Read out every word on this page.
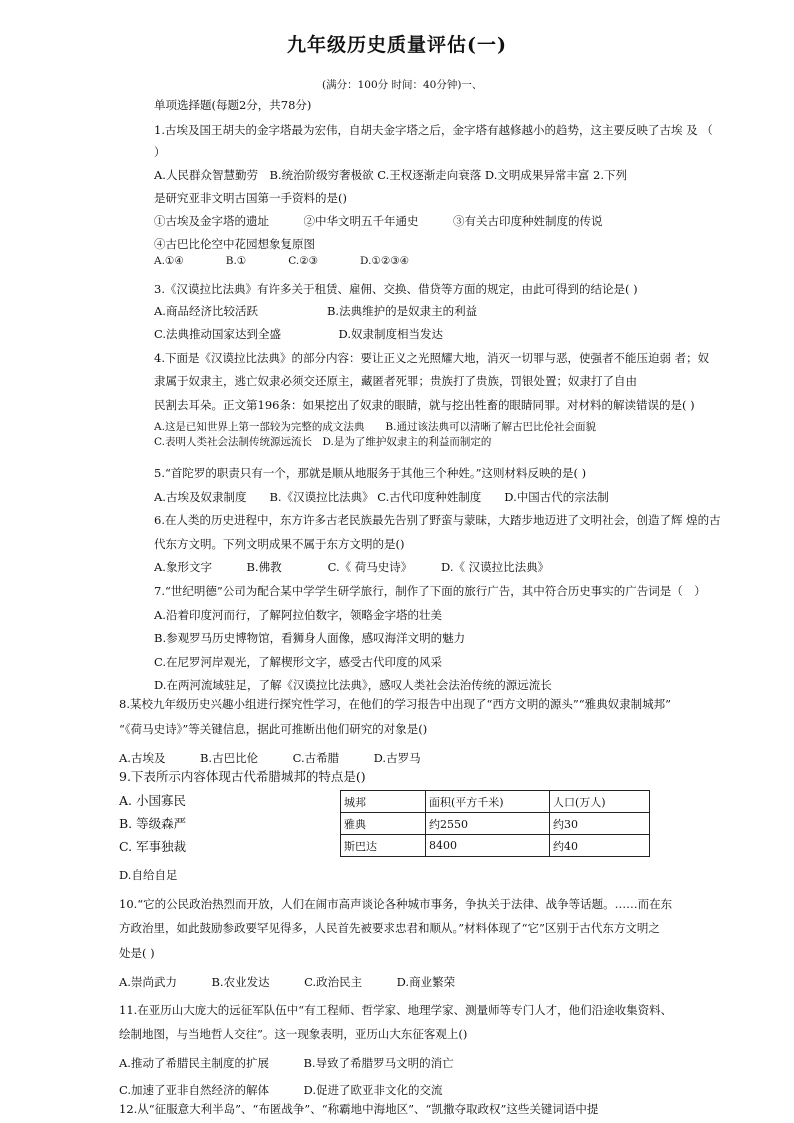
九年级历史质量评估(一)
(满分：100分 时间：40分钟)一、
单项选择题(每题2分，共78分)
1.古埃及国王胡夫的金字塔最为宏伟，自胡夫金字塔之后，金字塔有越修越小的趋势，这主要反映了古埃 及 （
）
A.人民群众智慧勤劳　B.统治阶级穷奢极欲 C.王权逐渐走向衰落 D.文明成果异常丰富 2.下列
是研究亚非文明古国第一手资料的是()
①古埃及金字塔的遗址　　　②中华文明五千年通史　　　③有关古印度种姓制度的传说
④古巴比伦空中花园想象复原图
A.①④　　　　B.①　　　　C.②③　　　　D.①②③④
3.《汉谟拉比法典》有许多关于租赁、雇佣、交换、借贷等方面的规定，由此可得到的结论是( )
A.商品经济比较活跃　　　　　　B.法典维护的是奴隶主的利益
C.法典推动国家达到全盛　　　　　D.奴隶制度相当发达
4.下面是《汉谟拉比法典》的部分内容：要让正义之光照耀大地，消灭一切罪与恶，使强者不能压迫弱 者；奴
隶属于奴隶主，逃亡奴隶必须交还原主，藏匿者死罪；贵族打了贵族，罚银处置；奴隶打了自由
民割去耳朵。正文第196条：如果挖出了奴隶的眼睛，就与挖出牲畜的眼睛同罪。对材料的解读错误的是( )
A.这是已知世界上第一部较为完整的成文法典　　B.通过该法典可以清晰了解古巴比伦社会面貌
C.表明人类社会法制传统源远流长　D.是为了维护奴隶主的利益而制定的
5.“首陀罗的职责只有一个，那就是顺从地服务于其他三个种姓。”这则材料反映的是( )
A.古埃及奴隶制度　　B.《汉谟拉比法典》 C.古代印度种姓制度　　D.中国古代的宗法制
6.在人类的历史进程中，东方许多古老民族最先告别了野蛮与蒙昧，大踏步地迈进了文明社会，创造了辉 煌的古
代东方文明。下列文明成果不属于东方文明的是()
A.象形文字　　　B.佛教　　　　C.《 荷马史诗》　　　D.《 汉谟拉比法典》
7.“世纪明德”公司为配合某中学学生研学旅行，制作了下面的旅行广告，其中符合历史事实的广告词是（　）
A.沿着印度河而行，了解阿拉伯数字，领略金字塔的壮美
B.参观罗马历史博物馆，看狮身人面像，感叹海洋文明的魅力
C.在尼罗河岸观光，了解楔形文字，感受古代印度的风采
D.在两河流域驻足，了解《汉谟拉比法典》，感叹人类社会法治传统的源远流长
8.某校九年级历史兴趣小组进行探究性学习，在他们的学习报告中出现了“西方文明的源头”“雅典奴隶制城邦”
“《荷马史诗》”等关键信息，据此可推断出他们研究的对象是()
A.古埃及　　　B.古巴比伦　　　C.古希腊　　　D.古罗马
9.下表所示内容体现古代希腊城邦的特点是()
A. 小国寡民
B. 等级森严
C. 军事独裁
城邦	面积(平方千米)	人口(万人)
雅典	约2550	约30
斯巴达	8400	约40
D.自给自足
10.“它的公民政治热烈而开放，人们在闹市高声谈论各种城市事务，争执关于法律、战争等话题。……而在东
方政治里，如此鼓励参政要罕见得多，人民首先被要求忠君和顺从。”材料体现了“它”区别于古代东方文明之
处是( )
A.崇尚武力　　　B.农业发达　　　C.政治民主　　　D.商业繁荣
11.在亚历山大庞大的远征军队伍中“有工程师、哲学家、地理学家、测量师等专门人才，他们沿途收集资料、
绘制地图，与当地哲人交往”。这一现象表明，亚历山大东征客观上()
A.推动了希腊民主制度的扩展　　　B.导致了希腊罗马文明的消亡
C.加速了亚非自然经济的解体　　　D.促进了欧亚非文化的交流
12.从“征服意大利半岛”、“布匿战争”、“称霸地中海地区”、“凯撒夺取政权”这些关键词语中提
